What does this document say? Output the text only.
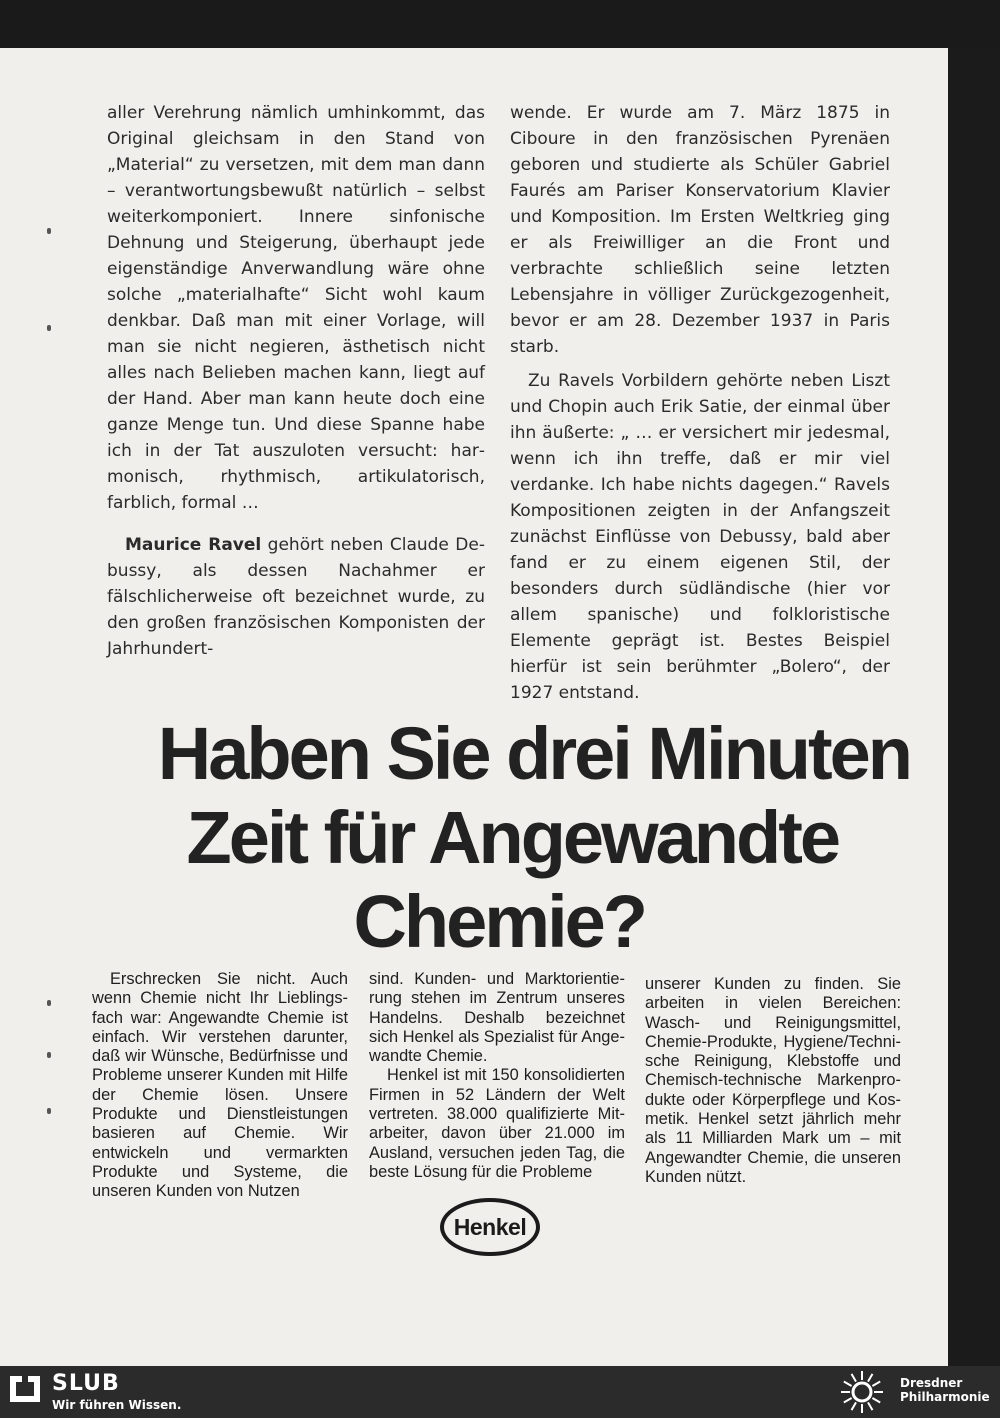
aller Verehrung nämlich umhinkommt, das Original gleichsam in den Stand von „Material“ zu versetzen, mit dem man dann – verantwortungsbewußt natürlich – selbst weiterkomponiert. Innere sinfonische Dehnung und Steigerung, überhaupt jede eigenständige Anverwandlung wäre ohne solche „materialhafte“ Sicht wohl kaum denkbar. Daß man mit einer Vorlage, will man sie nicht negieren, ästhetisch nicht alles nach Belieben machen kann, liegt auf der Hand. Aber man kann heute doch eine ganze Menge tun. Und diese Spanne habe ich in der Tat auszuloten versucht: harmonisch, rhythmisch, artikulatorisch, farblich, formal …

Maurice Ravel gehört neben Claude Debussy, als dessen Nachahmer er fälschlicherweise oft bezeichnet wurde, zu den großen französischen Komponisten der Jahrhundert-

wende. Er wurde am 7. März 1875 in Ciboure in den französischen Pyrenäen geboren und studierte als Schüler Gabriel Faurés am Pariser Konservatorium Klavier und Komposition. Im Ersten Weltkrieg ging er als Freiwilliger an die Front und verbrachte schließlich seine letzten Lebensjahre in völliger Zurückgezogenheit, bevor er am 28. Dezember 1937 in Paris starb.

Zu Ravels Vorbildern gehörte neben Liszt und Chopin auch Erik Satie, der einmal über ihn äußerte: „ … er versichert mir jedesmal, wenn ich ihn treffe, daß er mir viel verdanke. Ich habe nichts dagegen.“ Ravels Kompositionen zeigten in der Anfangszeit zunächst Einflüsse von Debussy, bald aber fand er zu einem eigenen Stil, der besonders durch südländische (hier vor allem spanische) und folkloristische Elemente geprägt ist. Bestes Beispiel hierfür ist sein berühmter „Bolero“, der 1927 entstand.

Haben Sie drei Minuten
Zeit für Angewandte
Chemie?

Erschrecken Sie nicht. Auch wenn Chemie nicht Ihr Lieblingsfach war: Angewandte Chemie ist einfach. Wir verstehen darunter, daß wir Wünsche, Bedürfnisse und Probleme unserer Kunden mit Hilfe der Chemie lösen. Unsere Produkte und Dienstleistungen basieren auf Chemie. Wir entwickeln und vermarkten Produkte und Systeme, die unseren Kunden von Nutzen

sind. Kunden- und Marktorientierung stehen im Zentrum unseres Handelns. Deshalb bezeichnet sich Henkel als Spezialist für Angewandte Chemie.

Henkel ist mit 150 konsolidierten Firmen in 52 Ländern der Welt vertreten. 38.000 qualifizierte Mitarbeiter, davon über 21.000 im Ausland, versuchen jeden Tag, die beste Lösung für die Probleme

unserer Kunden zu finden. Sie arbeiten in vielen Bereichen: Wasch- und Reinigungsmittel, Chemie-Produkte, Hygiene/Technische Reinigung, Klebstoffe und Chemisch-technische Markenprodukte oder Körperpflege und Kosmetik. Henkel setzt jährlich mehr als 11 Milliarden Mark um – mit Angewandter Chemie, die unseren Kunden nützt.

Henkel
SLUB
Wir führen Wissen.
Dresdner
Philharmonie
